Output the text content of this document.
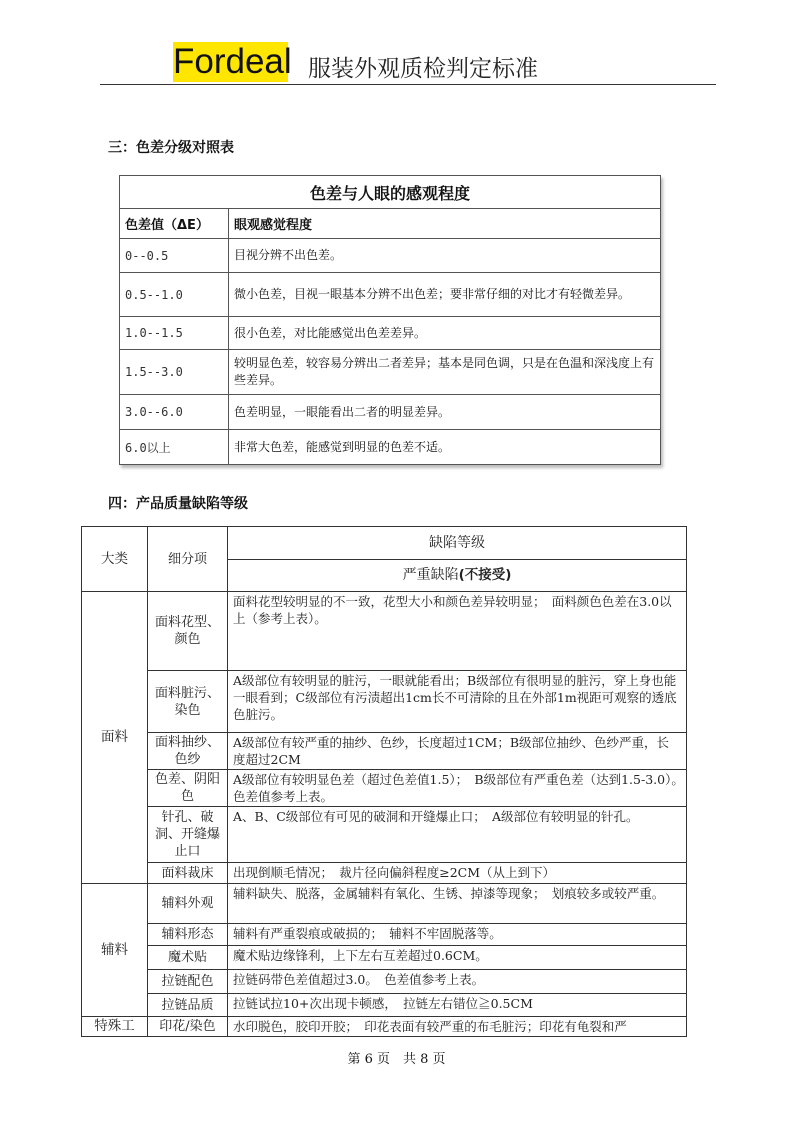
Fordeal 服装外观质检判定标准
三：色差分级对照表
色差与人眼的感观程度	
色差值（ΔE）	眼观感觉程度
0--0.5	目视分辨不出色差。
0.5--1.0	微小色差，目视一眼基本分辨不出色差；要非常仔细的对比才有轻微差异。
1.0--1.5	很小色差，对比能感觉出色差差异。
1.5--3.0	较明显色差，较容易分辨出二者差异；基本是同色调，只是在色温和深浅度上有些差异。
3.0--6.0	色差明显，一眼能看出二者的明显差异。
6.0以上	非常大色差，能感觉到明显的色差不适。
四：产品质量缺陷等级
大类	细分项	缺陷等级
		严重缺陷(不接受)
面料	面料花型、颜色	面料花型较明显的不一致，花型大小和颜色差异较明显；　面料颜色色差在3.0以上（参考上表）。
	面料脏污、染色	A级部位有较明显的脏污，一眼就能看出；B级部位有很明显的脏污，穿上身也能一眼看到；C级部位有污渍超出1cm长不可清除的且在外部1m视距可观察的透底色脏污。
	面料抽纱、色纱	A级部位有较严重的抽纱、色纱，长度超过1CM；B级部位抽纱、色纱严重，长度超过2CM
	色差、阴阳色	A级部位有较明显色差（超过色差值1.5）；　B级部位有严重色差（达到1.5-3.0）。　色差值参考上表。
	针孔、破洞、开缝爆止口	A、B、C级部位有可见的破洞和开缝爆止口；　A级部位有较明显的针孔。
	面料裁床	出现倒顺毛情况；　裁片径向偏斜程度≥2CM（从上到下）
辅料	辅料外观	辅料缺失、脱落，金属辅料有氧化、生锈、掉漆等现象；　划痕较多或较严重。
	辅料形态	辅料有严重裂痕或破损的；　辅料不牢固脱落等。
	魔术贴	魔术贴边缘锋利，上下左右互差超过0.6CM。
	拉链配色	拉链码带色差值超过3.0。　色差值参考上表。
	拉链品质	拉链试拉10+次出现卡顿感，　拉链左右错位≧0.5CM
特殊工	印花/染色	水印脱色，胶印开胶；　印花表面有较严重的布毛脏污；印花有龟裂和严
第 6 页　共 8 页
